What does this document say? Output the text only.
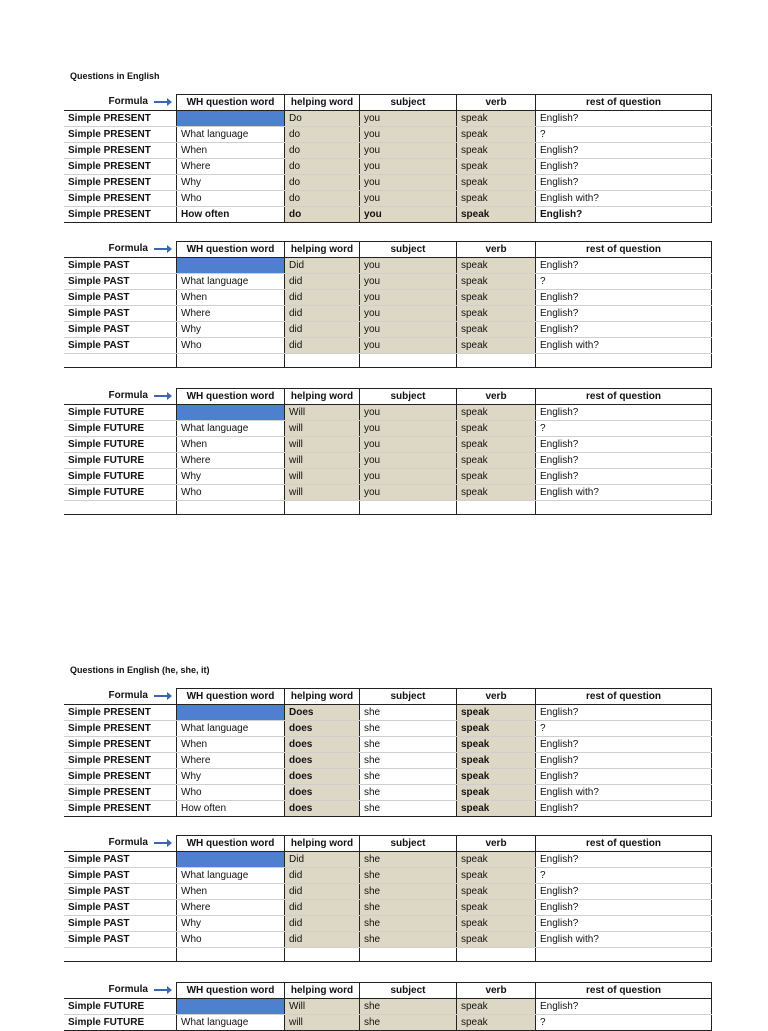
Questions in English
Questions in English (he, she, it)
Formula	WH question word	helping word	subject	verb	rest of question
Simple PRESENT		Do	you	speak	English?
Simple PRESENT	What language	do	you	speak	?
Simple PRESENT	When	do	you	speak	English?
Simple PRESENT	Where	do	you	speak	English?
Simple PRESENT	Why	do	you	speak	English?
Simple PRESENT	Who	do	you	speak	English with?
Simple PRESENT	How often	do	you	speak	English?
Formula	WH question word	helping word	subject	verb	rest of question
Simple PAST		Did	you	speak	English?
Simple PAST	What language	did	you	speak	?
Simple PAST	When	did	you	speak	English?
Simple PAST	Where	did	you	speak	English?
Simple PAST	Why	did	you	speak	English?
Simple PAST	Who	did	you	speak	English with?

Formula	WH question word	helping word	subject	verb	rest of question
Simple FUTURE		Will	you	speak	English?
Simple FUTURE	What language	will	you	speak	?
Simple FUTURE	When	will	you	speak	English?
Simple FUTURE	Where	will	you	speak	English?
Simple FUTURE	Why	will	you	speak	English?
Simple FUTURE	Who	will	you	speak	English with?

Formula	WH question word	helping word	subject	verb	rest of question
Simple PRESENT		Does	she	speak	English?
Simple PRESENT	What language	does	she	speak	?
Simple PRESENT	When	does	she	speak	English?
Simple PRESENT	Where	does	she	speak	English?
Simple PRESENT	Why	does	she	speak	English?
Simple PRESENT	Who	does	she	speak	English with?
Simple PRESENT	How often	does	she	speak	English?
Formula	WH question word	helping word	subject	verb	rest of question
Simple PAST		Did	she	speak	English?
Simple PAST	What language	did	she	speak	?
Simple PAST	When	did	she	speak	English?
Simple PAST	Where	did	she	speak	English?
Simple PAST	Why	did	she	speak	English?
Simple PAST	Who	did	she	speak	English with?

Formula	WH question word	helping word	subject	verb	rest of question
Simple FUTURE		Will	she	speak	English?
Simple FUTURE	What language	will	she	speak	?
